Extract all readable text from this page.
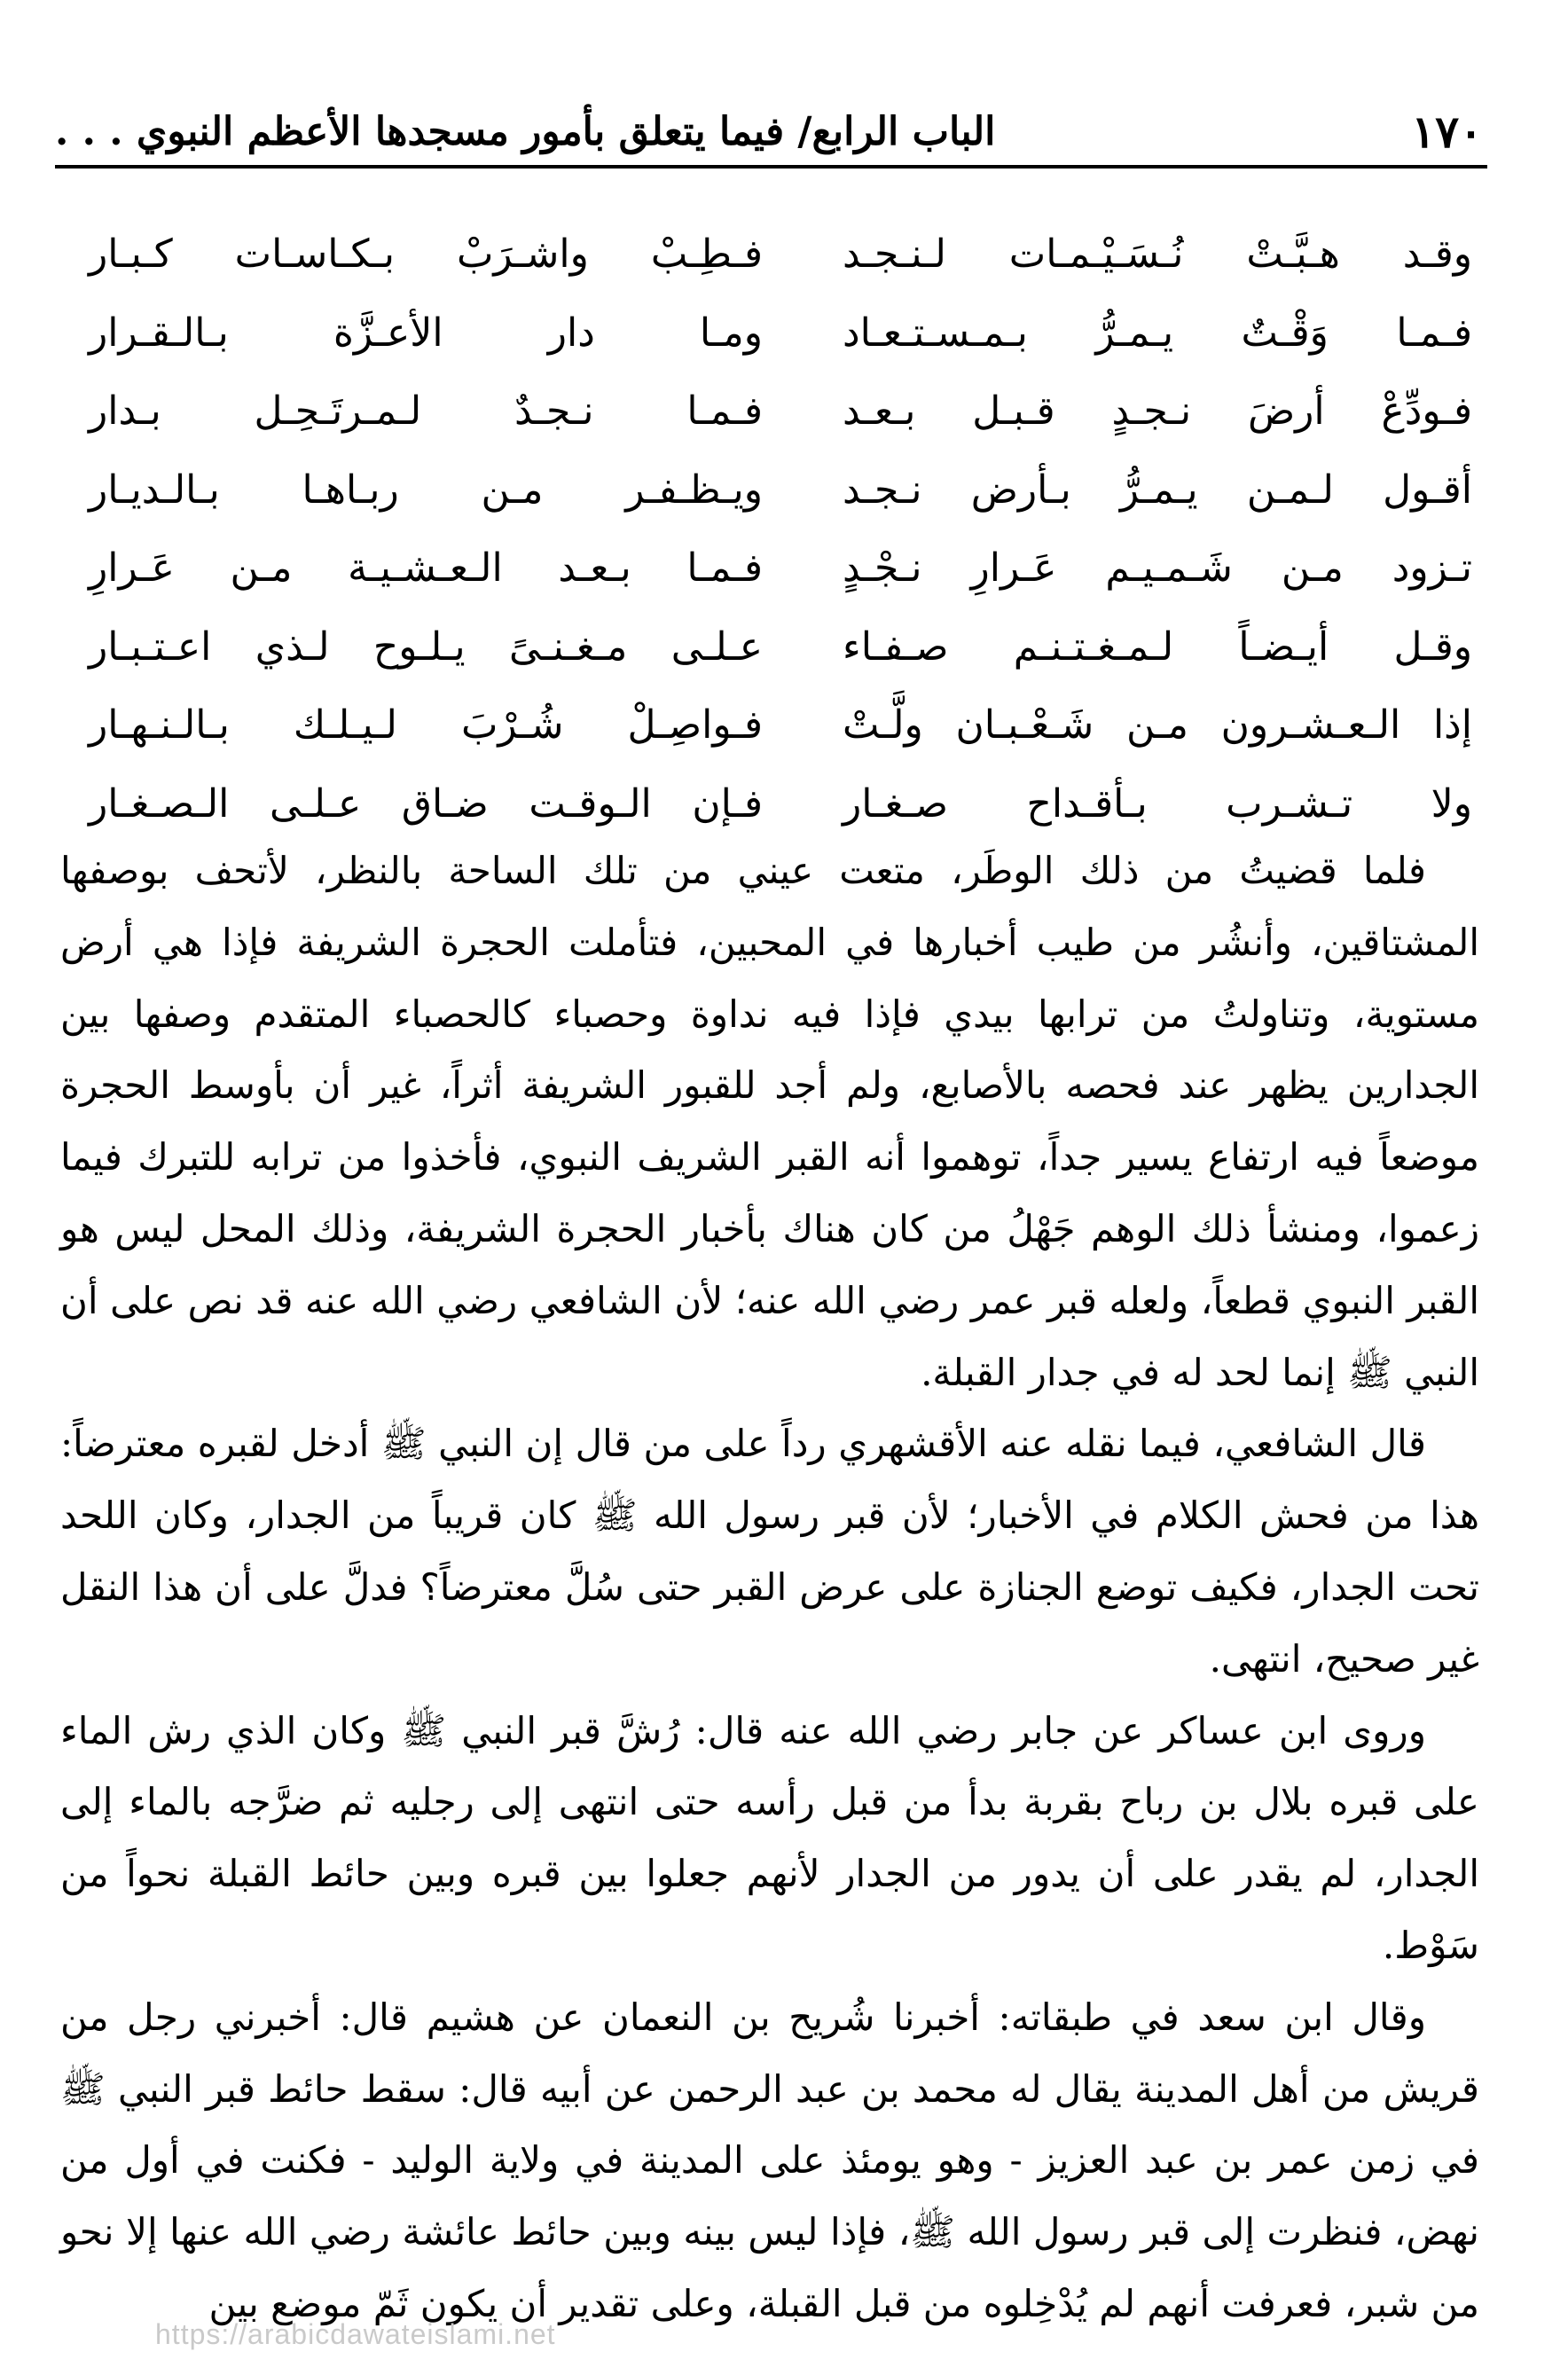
١٧٠
الباب الرابع/ فيما يتعلق بأمور مسجدها الأعظم النبوي . . .
وقـد هـبَّـتْ نُـسَـيْـمـات لـنـجـد
فـطِـبْ واشـرَبْ بـكـاسـات كـبـار
فـمـا وَقْـتٌ يـمـرُّ بـمـسـتـعـاد
ومـا دار الأعـزَّة بـالـقـرار
فـودِّعْ أرضَ نـجـدٍ قـبـل بـعـد
فـمـا نـجـدٌ لـمـرتَـحِـل بـدار
أقـول لـمـن يـمـرُّ بـأرض نـجـد
ويـظـفـر مـن ربـاهـا بـالـديـار
تـزود مـن شَـمـيـم عَـرارِ نـجْـدٍ
فـمـا بـعـد الـعـشـيـة مـن عَـرارِ
وقـل أيـضـاً لـمـغـتـنـم صـفـاء
عـلـى مـغـنـىً يـلـوح لـذي اعـتـبـار
إذا الـعـشـرون مـن شَـعْـبـان ولَّـتْ
فـواصِـلْ شُـرْبَ لـيـلـك بـالـنـهـار
ولا تـشـرب بـأقـداح صـغـار
فـإن الـوقـت ضـاق عـلـى الـصـغـار

فلما قضيتُ من ذلك الوطَر، متعت عيني من تلك الساحة بالنظر، لأتحف بوصفها المشتاقين، وأنشُر من طيب أخبارها في المحبين، فتأملت الحجرة الشريفة فإذا هي أرض مستوية، وتناولتُ من ترابها بيدي فإذا فيه نداوة وحصباء كالحصباء المتقدم وصفها بين الجدارين يظهر عند فحصه بالأصابع، ولم أجد للقبور الشريفة أثراً، غير أن بأوسط الحجرة موضعاً فيه ارتفاع يسير جداً، توهموا أنه القبر الشريف النبوي، فأخذوا من ترابه للتبرك فيما زعموا، ومنشأ ذلك الوهم جَهْلُ من كان هناك بأخبار الحجرة الشريفة، وذلك المحل ليس هو القبر النبوي قطعاً، ولعله قبر عمر رضي الله عنه؛ لأن الشافعي رضي الله عنه قد نص على أن النبي ﷺ إنما لحد له في جدار القبلة.

قال الشافعي، فيما نقله عنه الأقشهري رداً على من قال إن النبي ﷺ أدخل لقبره معترضاً: هذا من فحش الكلام في الأخبار؛ لأن قبر رسول الله ﷺ كان قريباً من الجدار، وكان اللحد تحت الجدار، فكيف توضع الجنازة على عرض القبر حتى سُلَّ معترضاً؟ فدلَّ على أن هذا النقل غير صحيح، انتهى.

وروى ابن عساكر عن جابر رضي الله عنه قال: رُشَّ قبر النبي ﷺ وكان الذي رش الماء على قبره بلال بن رباح بقربة بدأ من قبل رأسه حتى انتهى إلى رجليه ثم ضرَّجه بالماء إلى الجدار، لم يقدر على أن يدور من الجدار لأنهم جعلوا بين قبره وبين حائط القبلة نحواً من سَوْط.

وقال ابن سعد في طبقاته: أخبرنا شُريح بن النعمان عن هشيم قال: أخبرني رجل من قريش من أهل المدينة يقال له محمد بن عبد الرحمن عن أبيه قال: سقط حائط قبر النبي ﷺ في زمن عمر بن عبد العزيز - وهو يومئذ على المدينة في ولاية الوليد - فكنت في أول من نهض، فنظرت إلى قبر رسول الله ﷺ، فإذا ليس بينه وبين حائط عائشة رضي الله عنها إلا نحو من شبر، فعرفت أنهم لم يُدْخِلوه من قبل القبلة، وعلى تقدير أن يكون ثَمّ موضع بين

https://arabicdawateislami.net
